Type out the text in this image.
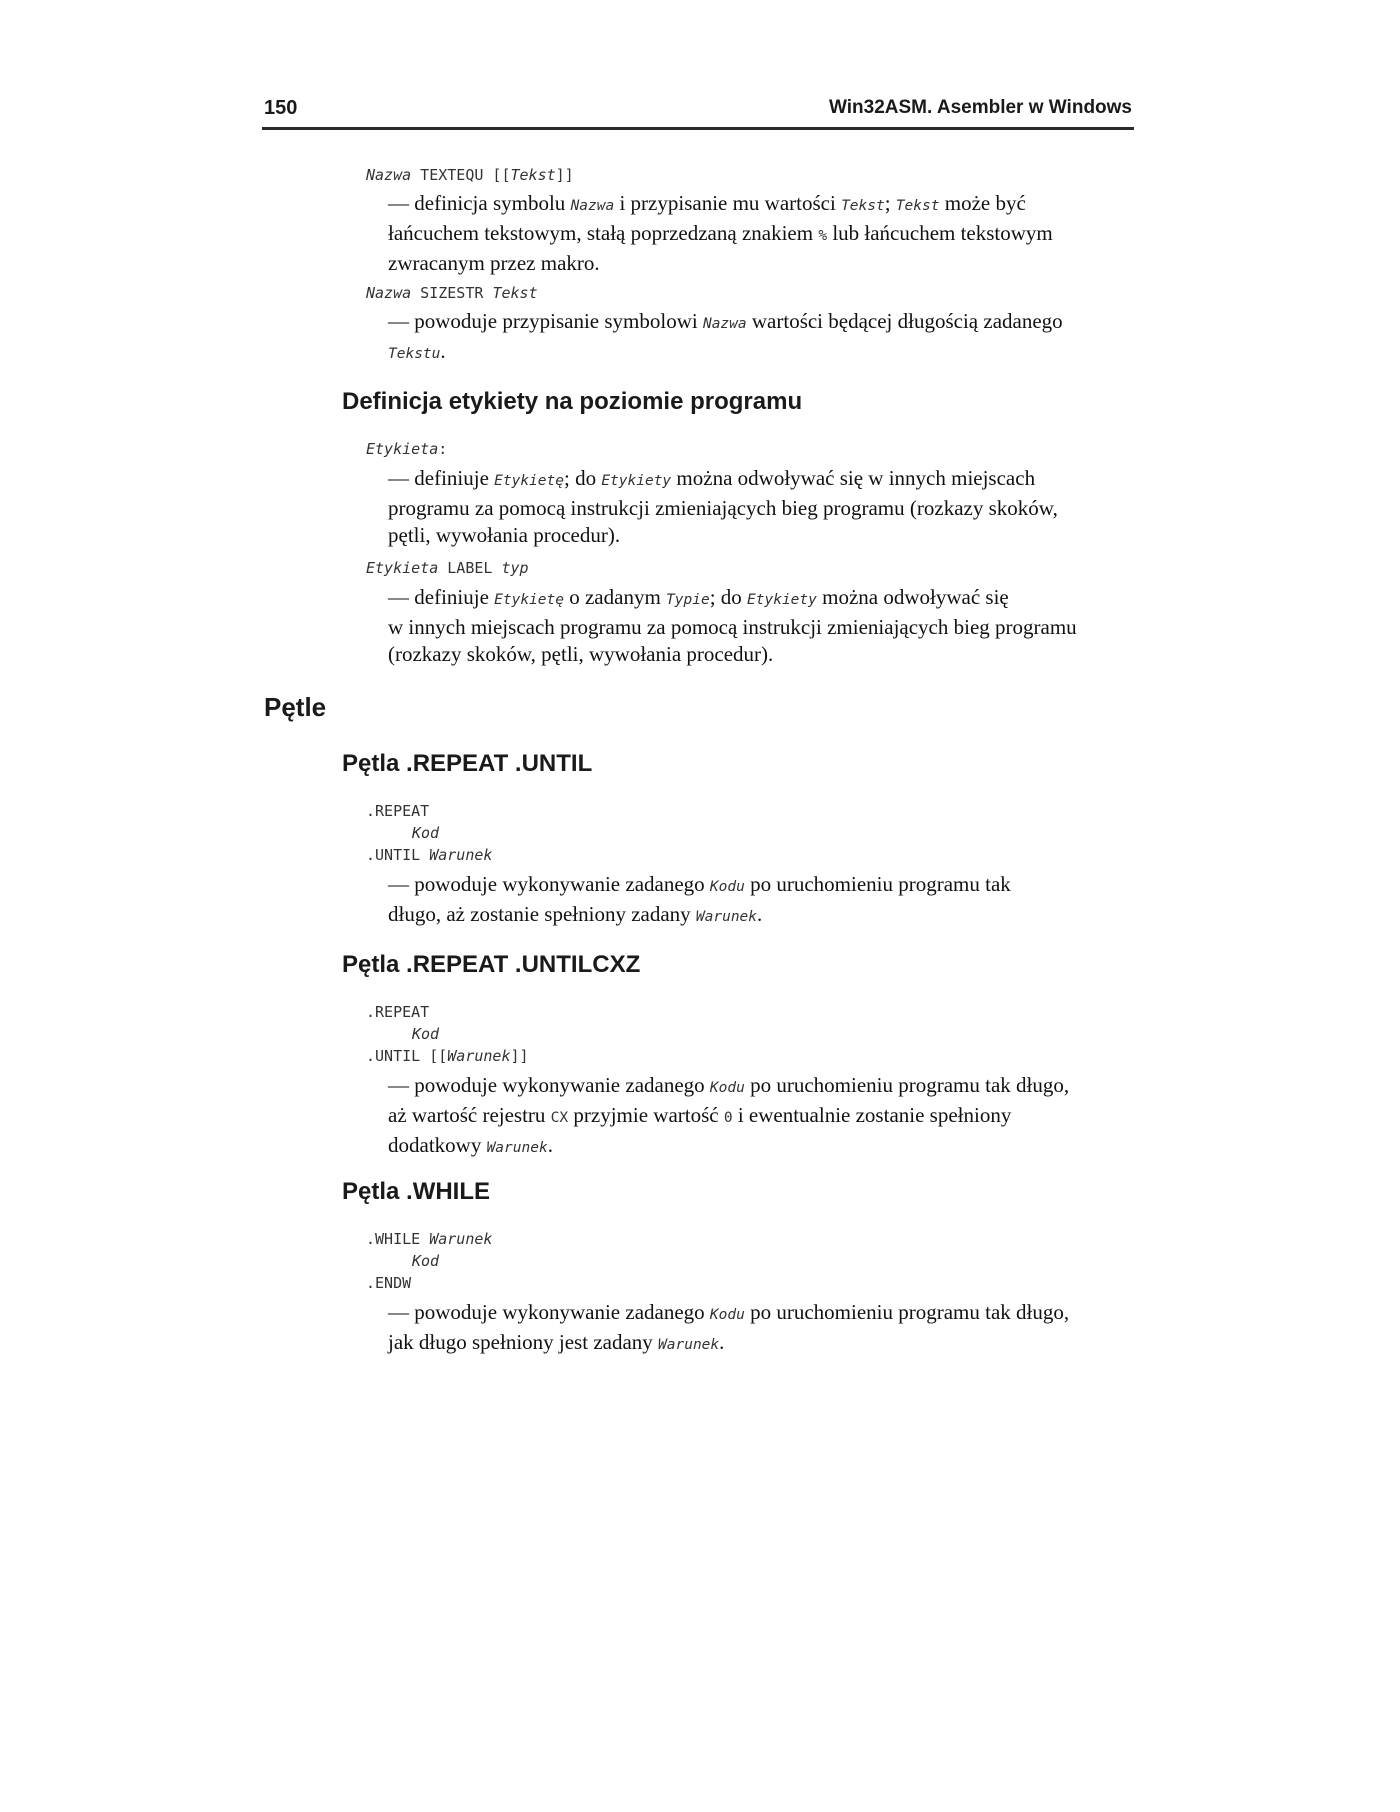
150	Win32ASM. Asembler w Windows
Nazwa TEXTEQU [[Tekst]]
— definicja symbolu Nazwa i przypisanie mu wartości Tekst; Tekst może być
łańcuchem tekstowym, stałą poprzedzaną znakiem % lub łańcuchem tekstowym
zwracanym przez makro.
Nazwa SIZESTR Tekst
— powoduje przypisanie symbolowi Nazwa wartości będącej długością zadanego
Tekstu.
Definicja etykiety na poziomie programu
Etykieta:
— definiuje Etykietę; do Etykiety można odwoływać się w innych miejscach
programu za pomocą instrukcji zmieniających bieg programu (rozkazy skoków,
pętli, wywołania procedur).
Etykieta LABEL typ
— definiuje Etykietę o zadanym Typie; do Etykiety można odwoływać się
w innych miejscach programu za pomocą instrukcji zmieniających bieg programu
(rozkazy skoków, pętli, wywołania procedur).
Pętle
Pętla .REPEAT .UNTIL
.REPEAT
Kod
.UNTIL Warunek
— powoduje wykonywanie zadanego Kodu po uruchomieniu programu tak
długo, aż zostanie spełniony zadany Warunek.
Pętla .REPEAT .UNTILCXZ
.REPEAT
Kod
.UNTIL [[Warunek]]
— powoduje wykonywanie zadanego Kodu po uruchomieniu programu tak długo,
aż wartość rejestru CX przyjmie wartość 0 i ewentualnie zostanie spełniony
dodatkowy Warunek.
Pętla .WHILE
.WHILE Warunek
Kod
.ENDW
— powoduje wykonywanie zadanego Kodu po uruchomieniu programu tak długo,
jak długo spełniony jest zadany Warunek.
